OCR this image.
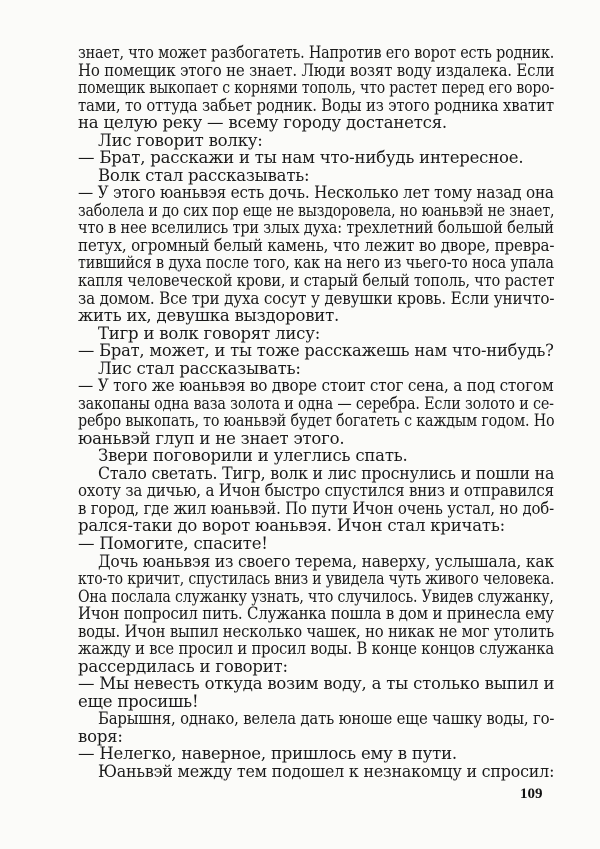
знает, что может разбогатеть. Напротив его ворот есть родник.
Но помещик этого не знает. Люди возят воду издалека. Если
помещик выкопает с корнями тополь, что растет перед его воро-
тами, то оттуда забьет родник. Воды из этого родника хватит
на целую реку — всему городу достанется.
Лис говорит волку:
— Брат, расскажи и ты нам что-нибудь интересное.
Волк стал рассказывать:
— У этого юаньвэя есть дочь. Несколько лет тому назад она
заболела и до сих пор еще не выздоровела, но юаньвэй не знает,
что в нее вселились три злых духа: трехлетний большой белый
петух, огромный белый камень, что лежит во дворе, превра-
тившийся в духа после того, как на него из чьего-то носа упала
капля человеческой крови, и старый белый тополь, что растет
за домом. Все три духа сосут у девушки кровь. Если уничто-
жить их, девушка выздоровит.
Тигр и волк говорят лису:
— Брат, может, и ты тоже расскажешь нам что-нибудь?
Лис стал рассказывать:
— У того же юаньвэя во дворе стоит стог сена, а под стогом
закопаны одна ваза золота и одна — серебра. Если золото и се-
ребро выкопать, то юаньвэй будет богатеть с каждым годом. Но
юаньвэй глуп и не знает этого.
Звери поговорили и улеглись спать.
Стало светать. Тигр, волк и лис проснулись и пошли на
охоту за дичью, а Ичон быстро спустился вниз и отправился
в город, где жил юаньвэй. По пути Ичон очень устал, но доб-
рался-таки до ворот юаньвэя. Ичон стал кричать:
— Помогите, спасите!
Дочь юаньвэя из своего терема, наверху, услышала, как
кто-то кричит, спустилась вниз и увидела чуть живого человека.
Она послала служанку узнать, что случилось. Увидев служанку,
Ичон попросил пить. Служанка пошла в дом и принесла ему
воды. Ичон выпил несколько чашек, но никак не мог утолить
жажду и все просил и просил воды. В конце концов служанка
рассердилась и говорит:
— Мы невесть откуда возим воду, а ты столько выпил и
еще просишь!
Барышня, однако, велела дать юноше еще чашку воды, го-
воря:
— Нелегко, наверное, пришлось ему в пути.
Юаньвэй между тем подошел к незнакомцу и спросил:
109
